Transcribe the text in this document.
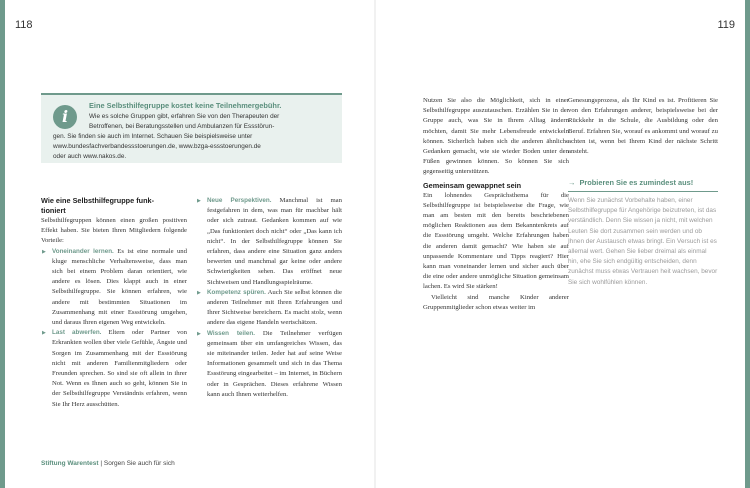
118	119
i
Eine Selbsthilfegruppe kostet keine Teilnehmergebühr.
Wie es solche Gruppen gibt, erfahren Sie von den Therapeuten der
Betroffenen, bei Beratungsstellen und Ambulanzen für Essstörun-
gen. Sie finden sie auch im Internet. Schauen Sie beispielsweise unter
www.bundesfachverbandessstoerungen.de, www.bzga-essstoerungen.de
oder auch www.nakos.de.
Wie eine Selbsthilfegruppe funk-
tioniert

Selbsthilfegruppen können einen großen positiven Effekt haben. Sie bieten Ihren Mitgliedern folgende Vorteile:

▶ Voneinander lernen. Es ist eine normale und kluge menschliche Verhaltensweise, dass man sich bei einem Problem daran orientiert, wie andere es lösen. Dies klappt auch in einer Selbsthilfegruppe. Sie können erfahren, wie andere mit bestimmten Situationen im Zusammenhang mit einer Essstörung umgehen, und daraus Ihren eigenen Weg entwickeln.
▶ Last abwerfen. Eltern oder Partner von Erkrankten wollen über viele Gefühle, Ängste und Sorgen im Zusammenhang mit der Essstörung nicht mit anderen Familienmitgliedern oder Freunden sprechen. So sind sie oft allein in ihrer Not. Wenn es Ihnen auch so geht, können Sie in der Selbsthilfegruppe Verständnis erfahren, wenn Sie Ihr Herz ausschütten.
▶ Neue Perspektiven. Manchmal ist man festgefahren in dem, was man für machbar hält oder sich zutraut. Gedanken kommen auf wie „Das funktioniert doch nicht“ oder „Das kann ich nicht“. In der Selbsthilfegruppe können Sie erfahren, dass andere eine Situation ganz anders bewerten und manchmal gar keine oder andere Schwierigkeiten sehen. Das eröffnet neue Sichtweisen und Handlungsspielräume.
▶ Kompetenz spüren. Auch Sie selbst können die anderen Teilnehmer mit Ihren Erfahrungen und Ihrer Sichtweise bereichern. Es macht stolz, wenn andere das eigene Handeln wertschätzen.
▶ Wissen teilen. Die Teilnehmer verfügen gemeinsam über ein umfangreiches Wissen, das sie miteinander teilen. Jeder hat auf seine Weise Informationen gesammelt und sich in das Thema Essstörung eingearbeitet – im Internet, in Büchern oder in Gesprächen. Dieses erfahrene Wissen kann auch Ihnen weiterhelfen.

Nutzen Sie also die Möglichkeit, sich in einer Selbsthilfegruppe auszutauschen. Erzählen Sie in der Gruppe auch, was Sie in Ihrem Alltag ändern möchten, damit Sie mehr Lebensfreude entwickeln können. Sicherlich haben sich die anderen ähnliche Gedanken gemacht, wie sie wieder Boden unter den Füßen gewinnen können. So können Sie sich gegenseitig unterstützen.

Gemeinsam gewappnet sein

Ein lohnendes Gesprächsthema für die Selbsthilfegruppe ist beispielsweise die Frage, wie man am besten mit den bereits beschriebenen möglichen Reaktionen aus dem Bekanntenkreis auf die Essstörung umgeht. Welche Erfahrungen haben die anderen damit gemacht? Wie haben sie auf unpassende Kommentare und Tipps reagiert? Hier kann man voneinander lernen und sicher auch über die eine oder andere unmögliche Situation gemeinsam lachen. Es wird Sie stärken!

Vielleicht sind manche Kinder anderer Gruppenmitglieder schon etwas weiter im

Genesungsprozess, als Ihr Kind es ist. Profitieren Sie von den Erfahrungen anderer, beispielsweise bei der Rückkehr in die Schule, die Ausbildung oder den Beruf. Erfahren Sie, worauf es ankommt und worauf zu achten ist, wenn bei Ihrem Kind der nächste Schritt ansteht.

→ Probieren Sie es zumindest aus!
Wenn Sie zunächst Vorbehalte haben, einer Selbsthilfegruppe für Angehörige beizutreten, ist das verständlich. Denn Sie wissen ja nicht, mit welchen Leuten Sie dort zusammen sein werden und ob Ihnen der Austausch etwas bringt. Ein Versuch ist es allemal wert. Gehen Sie lieber dreimal als einmal hin, ehe Sie sich endgültig entscheiden, denn zunächst muss etwas Vertrauen heit wachsen, bevor Sie sich wohlfühlen können.
Stiftung Warentest | Sorgen Sie auch für sich
